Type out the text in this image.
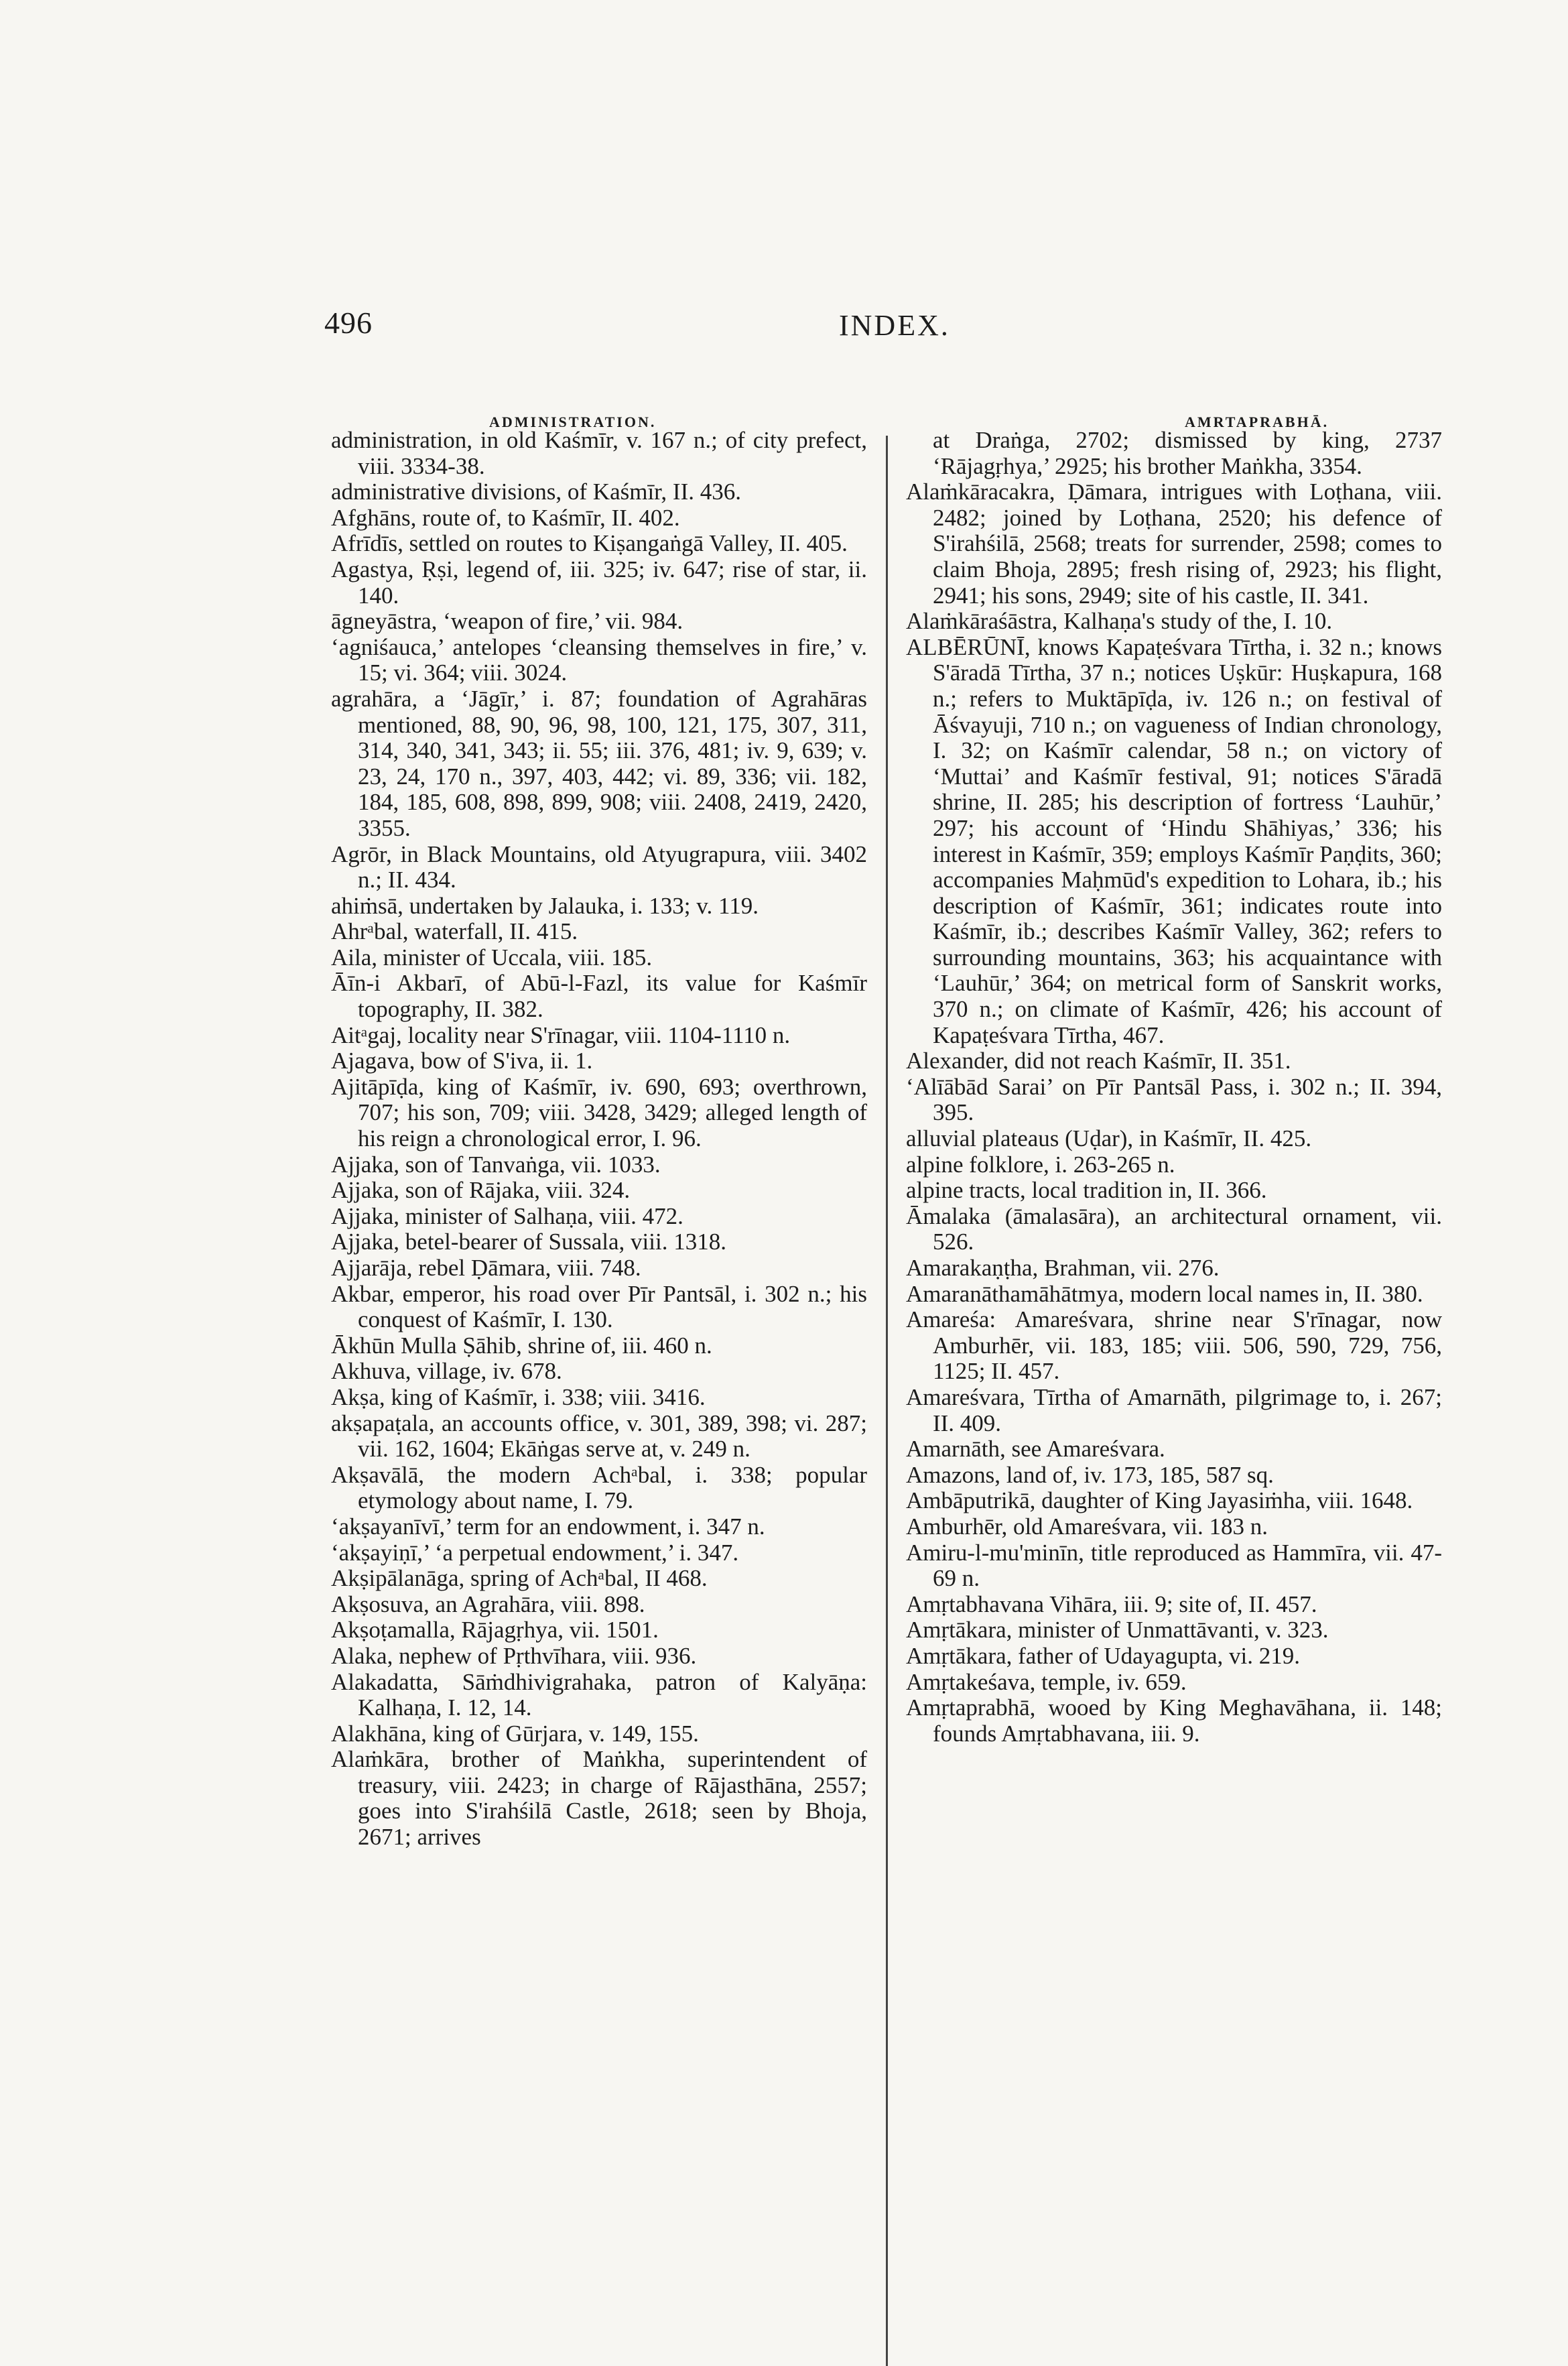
496	INDEX.
ADMINISTRATION.	AMRTAPRABHĀ.

administration, in old Kaśmīr, v. 167 n.; of city prefect, viii. 3334-38.

administrative divisions, of Kaśmīr, II. 436.

Afghāns, route of, to Kaśmīr, II. 402.

Afrīdīs, settled on routes to Kiṣangaṅgā Valley, II. 405.

Agastya, Ṛṣi, legend of, iii. 325; iv. 647; rise of star, ii. 140.

āgneyāstra, ‘weapon of fire,’ vii. 984.

‘agniśauca,’ antelopes ‘cleansing themselves in fire,’ v. 15; vi. 364; viii. 3024.

agrahāra, a ‘Jāgīr,’ i. 87; foundation of Agrahāras mentioned, 88, 90, 96, 98, 100, 121, 175, 307, 311, 314, 340, 341, 343; ii. 55; iii. 376, 481; iv. 9, 639; v. 23, 24, 170 n., 397, 403, 442; vi. 89, 336; vii. 182, 184, 185, 608, 898, 899, 908; viii. 2408, 2419, 2420, 3355.

Agrōr, in Black Mountains, old Atyugrapura, viii. 3402 n.; II. 434.

ahiṁsā, undertaken by Jalauka, i. 133; v. 119.

Ahrᵃbal, waterfall, II. 415.

Aila, minister of Uccala, viii. 185.

Āīn-i Akbarī, of Abū-l-Fazl, its value for Kaśmīr topography, II. 382.

Aitᵃgaj, locality near S'rīnagar, viii. 1104-1110 n.

Ajagava, bow of S'iva, ii. 1.

Ajitāpīḍa, king of Kaśmīr, iv. 690, 693; overthrown, 707; his son, 709; viii. 3428, 3429; alleged length of his reign a chronological error, I. 96.

Ajjaka, son of Tanvaṅga, vii. 1033.

Ajjaka, son of Rājaka, viii. 324.

Ajjaka, minister of Salhaṇa, viii. 472.

Ajjaka, betel-bearer of Sussala, viii. 1318.

Ajjarāja, rebel Ḍāmara, viii. 748.

Akbar, emperor, his road over Pīr Pantsāl, i. 302 n.; his conquest of Kaśmīr, I. 130.

Ākhūn Mulla Ṣāhib, shrine of, iii. 460 n.

Akhuva, village, iv. 678.

Akṣa, king of Kaśmīr, i. 338; viii. 3416.

akṣapaṭala, an accounts office, v. 301, 389, 398; vi. 287; vii. 162, 1604; Ekāṅgas serve at, v. 249 n.

Akṣavālā, the modern Achᵃbal, i. 338; popular etymology about name, I. 79.

‘akṣayanīvī,’ term for an endowment, i. 347 n.

‘akṣayiṇī,’ ‘a perpetual endowment,’ i. 347.

Akṣipālanāga, spring of Achᵃbal, II 468.

Akṣosuva, an Agrahāra, viii. 898.

Akṣoṭamalla, Rājagṛhya, vii. 1501.

Alaka, nephew of Pṛthvīhara, viii. 936.

Alakadatta, Sāṁdhivigrahaka, patron of Kalyāṇa: Kalhaṇa, I. 12, 14.

Alakhāna, king of Gūrjara, v. 149, 155.

Alaṁkāra, brother of Maṅkha, superintendent of treasury, viii. 2423; in charge of Rājasthāna, 2557; goes into S'irahśilā Castle, 2618; seen by Bhoja, 2671; arrives

at Draṅga, 2702; dismissed by king, 2737 ‘Rājagṛhya,’ 2925; his brother Maṅkha, 3354.

Alaṁkāracakra, Ḍāmara, intrigues with Loṭhana, viii. 2482; joined by Loṭhana, 2520; his defence of S'irahśilā, 2568; treats for surrender, 2598; comes to claim Bhoja, 2895; fresh rising of, 2923; his flight, 2941; his sons, 2949; site of his castle, II. 341.

Alaṁkāraśāstra, Kalhaṇa's study of the, I. 10.

ALBĒRŪNĪ, knows Kapaṭeśvara Tīrtha, i. 32 n.; knows S'āradā Tīrtha, 37 n.; notices Uṣkūr: Huṣkapura, 168 n.; refers to Muktāpīḍa, iv. 126 n.; on festival of Āśvayuji, 710 n.; on vagueness of Indian chronology, I. 32; on Kaśmīr calendar, 58 n.; on victory of ‘Muttai’ and Kaśmīr festival, 91; notices S'āradā shrine, II. 285; his description of fortress ‘Lauhūr,’ 297; his account of ‘Hindu Shāhiyas,’ 336; his interest in Kaśmīr, 359; employs Kaśmīr Paṇḍits, 360; accompanies Maḥmūd's expedition to Lohara, ib.; his description of Kaśmīr, 361; indicates route into Kaśmīr, ib.; describes Kaśmīr Valley, 362; refers to surrounding mountains, 363; his acquaintance with ‘Lauhūr,’ 364; on metrical form of Sanskrit works, 370 n.; on climate of Kaśmīr, 426; his account of Kapaṭeśvara Tīrtha, 467.

Alexander, did not reach Kaśmīr, II. 351.

‘Alīābād Sarai’ on Pīr Pantsāl Pass, i. 302 n.; II. 394, 395.

alluvial plateaus (Uḍar), in Kaśmīr, II. 425.

alpine folklore, i. 263-265 n.

alpine tracts, local tradition in, II. 366.

Āmalaka (āmalasāra), an architectural ornament, vii. 526.

Amarakaṇṭha, Brahman, vii. 276.

Amaranāthamāhātmya, modern local names in, II. 380.

Amareśa: Amareśvara, shrine near S'rīnagar, now Amburhēr, vii. 183, 185; viii. 506, 590, 729, 756, 1125; II. 457.

Amareśvara, Tīrtha of Amarnāth, pilgrimage to, i. 267; II. 409.

Amarnāth, see Amareśvara.

Amazons, land of, iv. 173, 185, 587 sq.

Ambāputrikā, daughter of King Jayasiṁha, viii. 1648.

Amburhēr, old Amareśvara, vii. 183 n.

Amiru-l-mu'minīn, title reproduced as Hammīra, vii. 47-69 n.

Amṛtabhavana Vihāra, iii. 9; site of, II. 457.

Amṛtākara, minister of Unmattāvanti, v. 323.

Amṛtākara, father of Udayagupta, vi. 219.

Amṛtakeśava, temple, iv. 659.

Amṛtaprabhā, wooed by King Meghavāhana, ii. 148; founds Amṛtabhavana, iii. 9.
